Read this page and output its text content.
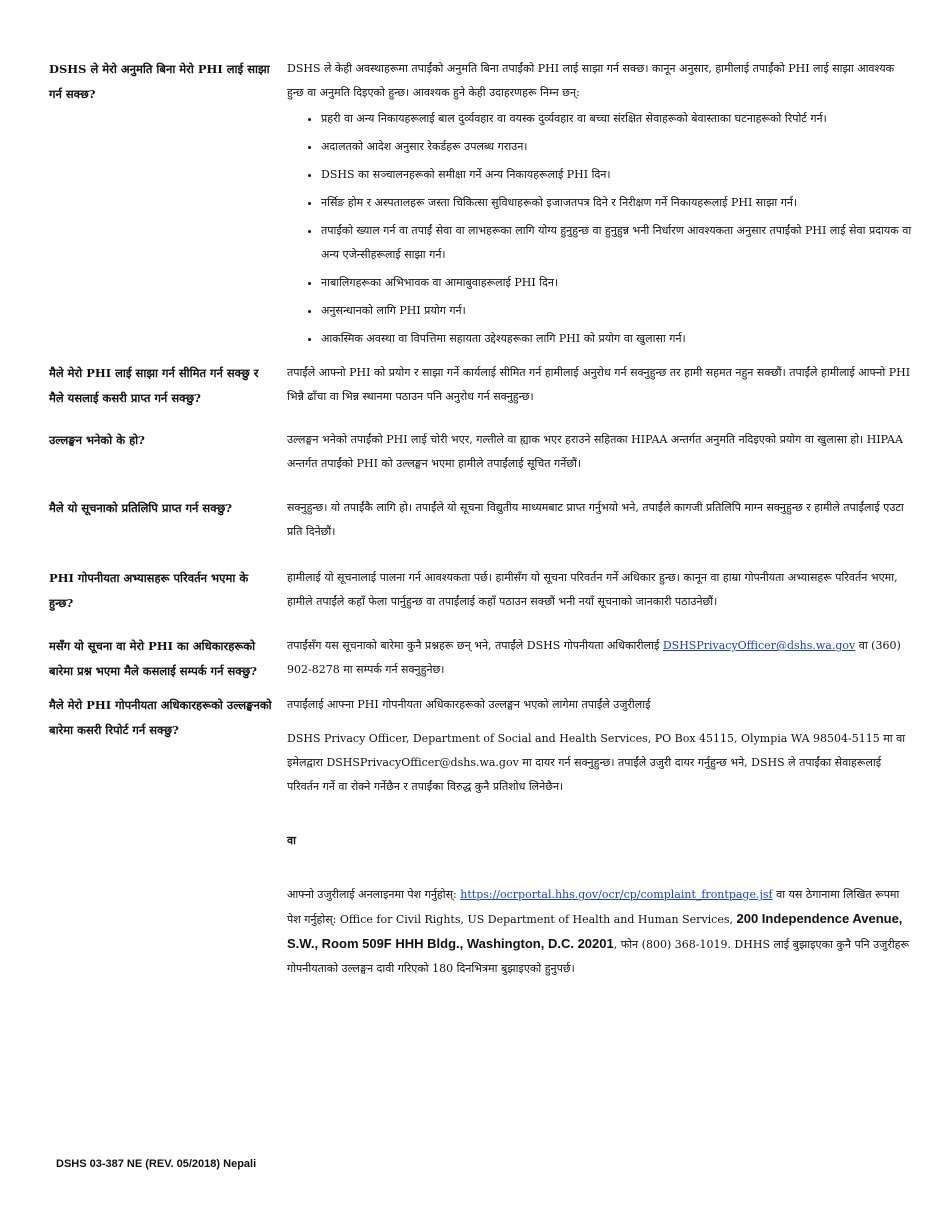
DSHS ले मेरो अनुमति बिना मेरो PHI लाई साझा गर्न सक्छ?

DSHS ले केही अवस्थाहरूमा तपाईंको अनुमति बिना तपाईंको PHI लाई साझा गर्न सक्छ। कानून अनुसार, हामीलाई तपाईंको PHI लाई साझा आवश्यक हुन्छ वा अनुमति दिइएको हुन्छ। आवश्यक हुने केही उदाहरणहरू निम्न छन्:

• प्रहरी वा अन्य निकायहरूलाई बाल दुर्व्यवहार वा वयस्क दुर्व्यवहार वा बच्चा संरक्षित सेवाहरूको बेवास्ताका घटनाहरूको रिपोर्ट गर्न।
• अदालतको आदेश अनुसार रेकर्डहरू उपलब्ध गराउन।
• DSHS का सञ्चालनहरूको समीक्षा गर्ने अन्य निकायहरूलाई PHI दिन।
• नर्सिङ होम र अस्पतालहरू जस्ता चिकित्सा सुविधाहरूको इजाजतपत्र दिने र निरीक्षण गर्ने निकायहरूलाई PHI साझा गर्न।
• तपाईंको ख्याल गर्न वा तपाईं सेवा वा लाभहरूका लागि योग्य हुनुहुन्छ वा हुनुहुन्न भनी निर्धारण आवश्यकता अनुसार तपाईंको PHI लाई सेवा प्रदायक वा अन्य एजेन्सीहरूलाई साझा गर्न।
• नाबालिगहरूका अभिभावक वा आमाबुवाहरूलाई PHI दिन।
• अनुसन्धानको लागि PHI प्रयोग गर्न।
• आकस्मिक अवस्था वा विपत्तिमा सहायता उद्देश्यहरूका लागि PHI को प्रयोग वा खुलासा गर्न।
मैले मेरो PHI लाई साझा गर्न सीमित गर्न सक्छु र मैले यसलाई कसरी प्राप्त गर्न सक्छु?
तपाईंले आफ्नो PHI को प्रयोग र साझा गर्ने कार्यलाई सीमित गर्न हामीलाई अनुरोध गर्न सक्नुहुन्छ तर हामी सहमत नहुन सक्छौं। तपाईंले हामीलाई आफ्नो PHI भिन्नै ढाँचा वा भिन्न स्थानमा पठाउन पनि अनुरोध गर्न सक्नुहुन्छ।
उल्लङ्घन भनेको के हो?	उल्लङ्घन भनेको तपाईंको PHI लाई चोरी भएर, गल्तीले वा ह्याक भएर हराउने सहितका HIPAA अन्तर्गत अनुमति नदिइएको प्रयोग वा खुलासा हो। HIPAA अन्तर्गत तपाईंको PHI को उल्लङ्घन भएमा हामीले तपाईंलाई सूचित गर्नेछौं।
मैले यो सूचनाको प्रतिलिपि प्राप्त गर्न सक्छु?	सक्नुहुन्छ। यो तपाईंकै लागि हो। तपाईंले यो सूचना विद्युतीय माध्यमबाट प्राप्त गर्नुभयो भने, तपाईंले कागजी प्रतिलिपि माग्न सक्नुहुन्छ र हामीले तपाईंलाई एउटा प्रति दिनेछौं।
PHI गोपनीयता अभ्यासहरू परिवर्तन भएमा के हुन्छ?
हामीलाई यो सूचनालाई पालना गर्न आवश्यकता पर्छ। हामीसँग यो सूचना परिवर्तन गर्ने अधिकार हुन्छ। कानून वा हाम्रा गोपनीयता अभ्यासहरू परिवर्तन भएमा, हामीले तपाईंले कहाँ फेला पार्नुहुन्छ वा तपाईंलाई कहाँ पठाउन सक्छौं भनी नयाँ सूचनाको जानकारी पठाउनेछौं।
मसँग यो सूचना वा मेरो PHI का अधिकारहरूको बारेमा प्रश्न भएमा मैले कसलाई सम्पर्क गर्न सक्छु?
तपाईंसँग यस सूचनाको बारेमा कुनै प्रश्नहरू छन् भने, तपाईंले DSHS गोपनीयता अधिकारीलाई DSHSPrivacyOfficer@dshs.wa.gov वा (360) 902-8278 मा सम्पर्क गर्न सक्नुहुनेछ।
मैले मेरो PHI गोपनीयता अधिकारहरूको उल्लङ्घनको बारेमा कसरी रिपोर्ट गर्न सक्छु?

तपाईंलाई आफ्ना PHI गोपनीयता अधिकारहरूको उल्लङ्घन भएको लागेमा तपाईंले उजुरीलाई

DSHS Privacy Officer, Department of Social and Health Services, PO Box 45115, Olympia WA 98504-5115 मा वा इमेलद्वारा DSHSPrivacyOfficer@dshs.wa.gov मा दायर गर्न सक्नुहुन्छ। तपाईंले उजुरी दायर गर्नुहुन्छ भने, DSHS ले तपाईंका सेवाहरूलाई परिवर्तन गर्ने वा रोक्ने गर्नेछैन र तपाईंका विरुद्ध कुनै प्रतिशोध लिनेछैन।

वा

आफ्नो उजुरीलाई अनलाइनमा पेश गर्नुहोस्: https://ocrportal.hhs.gov/ocr/cp/complaint_frontpage.jsf वा यस ठेगानामा लिखित रूपमा पेश गर्नुहोस्: Office for Civil Rights, US Department of Health and Human Services, 200 Independence Avenue, S.W., Room 509F HHH Bldg., Washington, D.C. 20201, फोन (800) 368-1019. DHHS लाई बुझाइएका कुनै पनि उजुरीहरू गोपनीयताको उल्लङ्घन दावी गरिएको 180 दिनभित्रमा बुझाइएको हुनुपर्छ।

DSHS 03-387 NE (REV. 05/2018) Nepali
